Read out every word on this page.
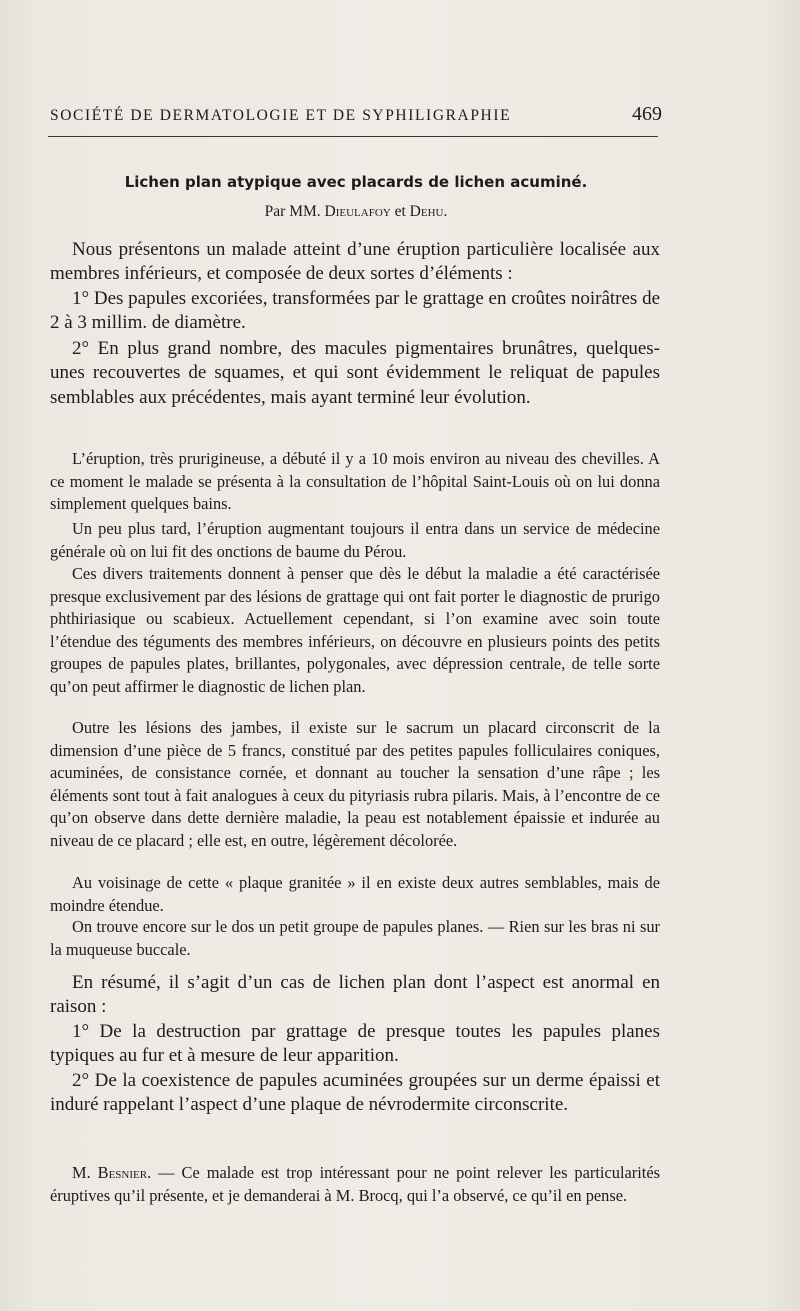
SOCIÉTÉ DE DERMATOLOGIE ET DE SYPHILIGRAPHIE	469
Lichen plan atypique avec placards de lichen acuminé.
Par MM. Dieulafoy et Dehu.

Nous présentons un malade atteint d’une éruption particulière localisée aux membres inférieurs, et composée de deux sortes d’éléments :

1° Des papules excoriées, transformées par le grattage en croûtes noirâtres de 2 à 3 millim. de diamètre.

2° En plus grand nombre, des macules pigmentaires brunâtres, quelques-unes recouvertes de squames, et qui sont évidemment le reliquat de papules semblables aux précédentes, mais ayant terminé leur évolution.

L’éruption, très prurigineuse, a débuté il y a 10 mois environ au niveau des chevilles. A ce moment le malade se présenta à la consultation de l’hôpital Saint-Louis où on lui donna simplement quelques bains.

Un peu plus tard, l’éruption augmentant toujours il entra dans un service de médecine générale où on lui fit des onctions de baume du Pérou.

Ces divers traitements donnent à penser que dès le début la maladie a été caractérisée presque exclusivement par des lésions de grattage qui ont fait porter le diagnostic de prurigo phthiriasique ou scabieux. Actuellement cependant, si l’on examine avec soin toute l’étendue des téguments des membres inférieurs, on découvre en plusieurs points des petits groupes de papules plates, brillantes, polygonales, avec dépression centrale, de telle sorte qu’on peut affirmer le diagnostic de lichen plan.

Outre les lésions des jambes, il existe sur le sacrum un placard circonscrit de la dimension d’une pièce de 5 francs, constitué par des petites papules folliculaires coniques, acuminées, de consistance cornée, et donnant au toucher la sensation d’une râpe ; les éléments sont tout à fait analogues à ceux du pityriasis rubra pilaris. Mais, à l’encontre de ce qu’on observe dans dette dernière maladie, la peau est notablement épaissie et indurée au niveau de ce placard ; elle est, en outre, légèrement décolorée.

Au voisinage de cette « plaque granitée » il en existe deux autres semblables, mais de moindre étendue.

On trouve encore sur le dos un petit groupe de papules planes. — Rien sur les bras ni sur la muqueuse buccale.

En résumé, il s’agit d’un cas de lichen plan dont l’aspect est anormal en raison :

1° De la destruction par grattage de presque toutes les papules planes typiques au fur et à mesure de leur apparition.

2° De la coexistence de papules acuminées groupées sur un derme épaissi et induré rappelant l’aspect d’une plaque de névrodermite circonscrite.

M. Besnier. — Ce malade est trop intéressant pour ne point relever les particularités éruptives qu’il présente, et je demanderai à M. Brocq, qui l’a observé, ce qu’il en pense.
